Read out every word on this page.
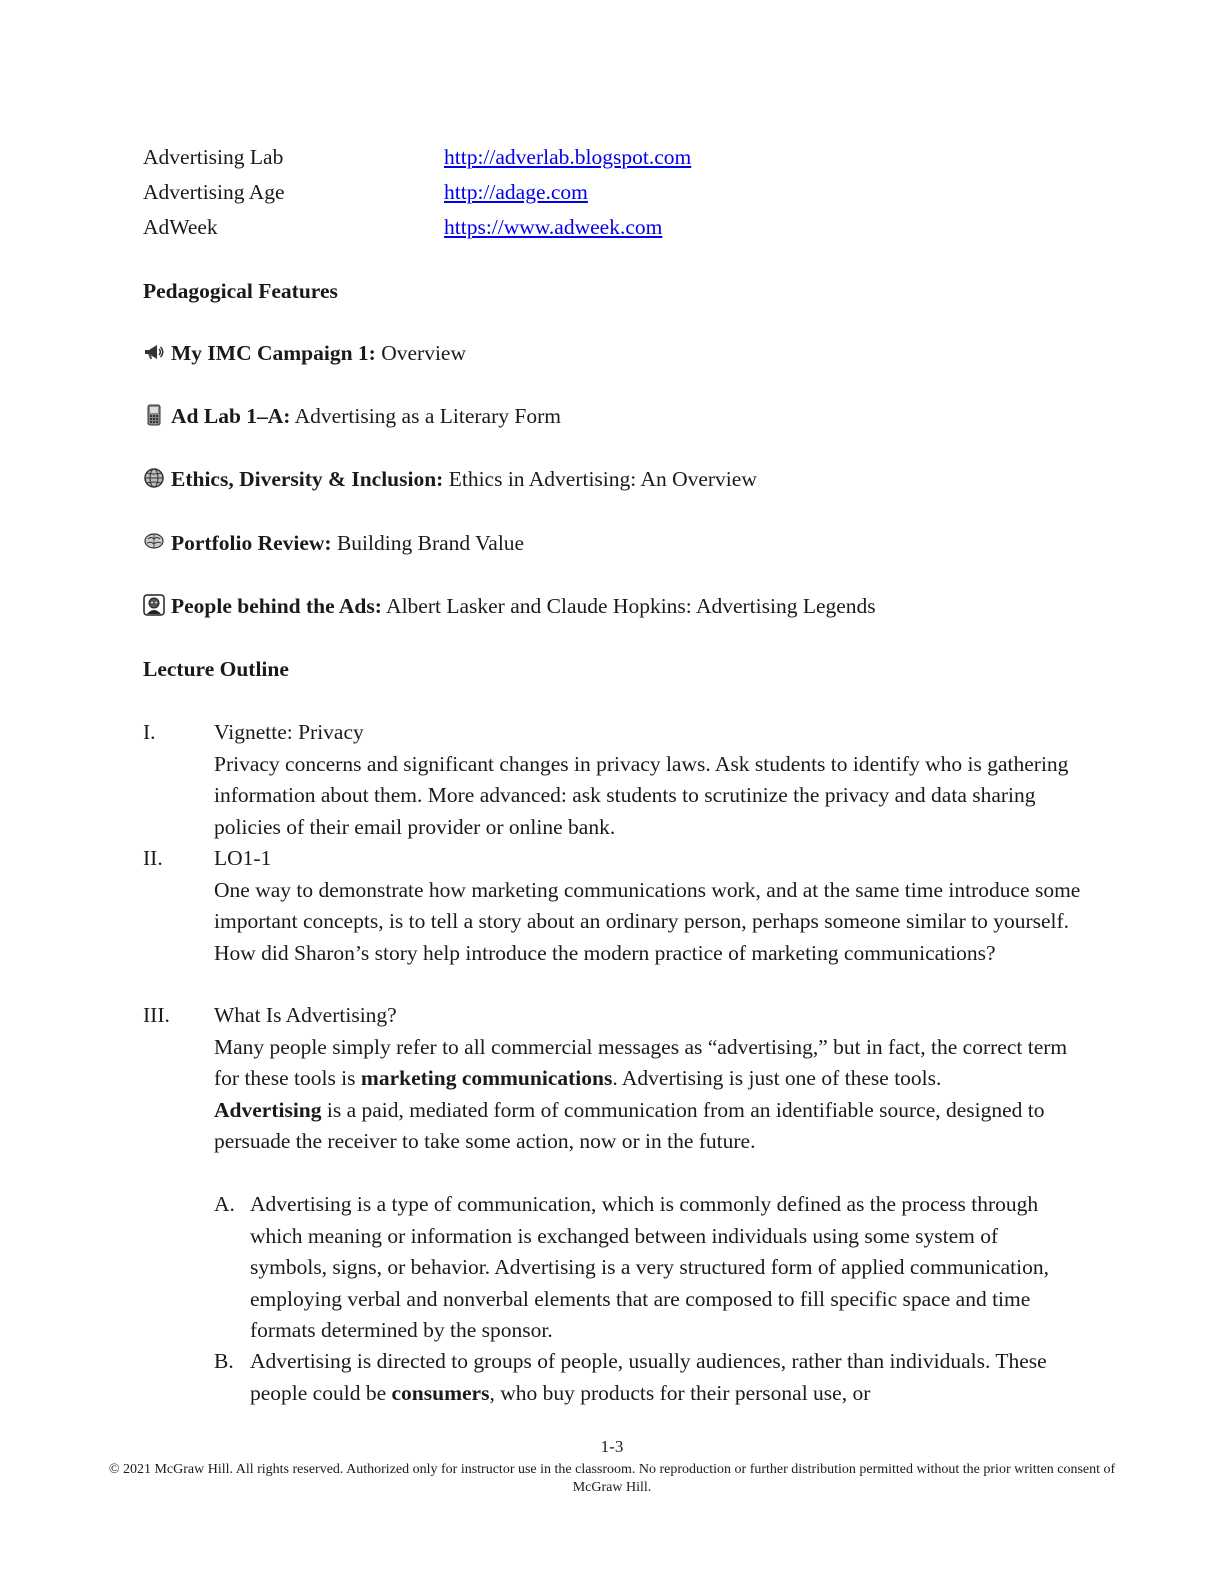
Advertising Lab	http://adverlab.blogspot.com
Advertising Age	http://adage.com
AdWeek	https://www.adweek.com
Pedagogical Features
My IMC Campaign 1: Overview
Ad Lab 1–A: Advertising as a Literary Form
Ethics, Diversity & Inclusion: Ethics in Advertising: An Overview
Portfolio Review: Building Brand Value
People behind the Ads: Albert Lasker and Claude Hopkins: Advertising Legends
Lecture Outline
I.	Vignette: Privacy
Privacy concerns and significant changes in privacy laws. Ask students to identify who is gathering information about them. More advanced: ask students to scrutinize the privacy and data sharing policies of their email provider or online bank.
II. LO1-1
One way to demonstrate how marketing communications work, and at the same time introduce some important concepts, is to tell a story about an ordinary person, perhaps someone similar to yourself. How did Sharon’s story help introduce the modern practice of marketing communications?
III. What Is Advertising?
Many people simply refer to all commercial messages as “advertising,” but in fact, the correct term for these tools is marketing communications. Advertising is just one of these tools.
Advertising is a paid, mediated form of communication from an identifiable source, designed to persuade the receiver to take some action, now or in the future.
A. Advertising is a type of communication, which is commonly defined as the process through which meaning or information is exchanged between individuals using some system of symbols, signs, or behavior. Advertising is a very structured form of applied communication, employing verbal and nonverbal elements that are composed to fill specific space and time formats determined by the sponsor.
B. Advertising is directed to groups of people, usually audiences, rather than individuals. These people could be consumers, who buy products for their personal use, or
1-3
© 2021 McGraw Hill. All rights reserved. Authorized only for instructor use in the classroom. No reproduction or further distribution permitted without the prior written consent of McGraw Hill.
